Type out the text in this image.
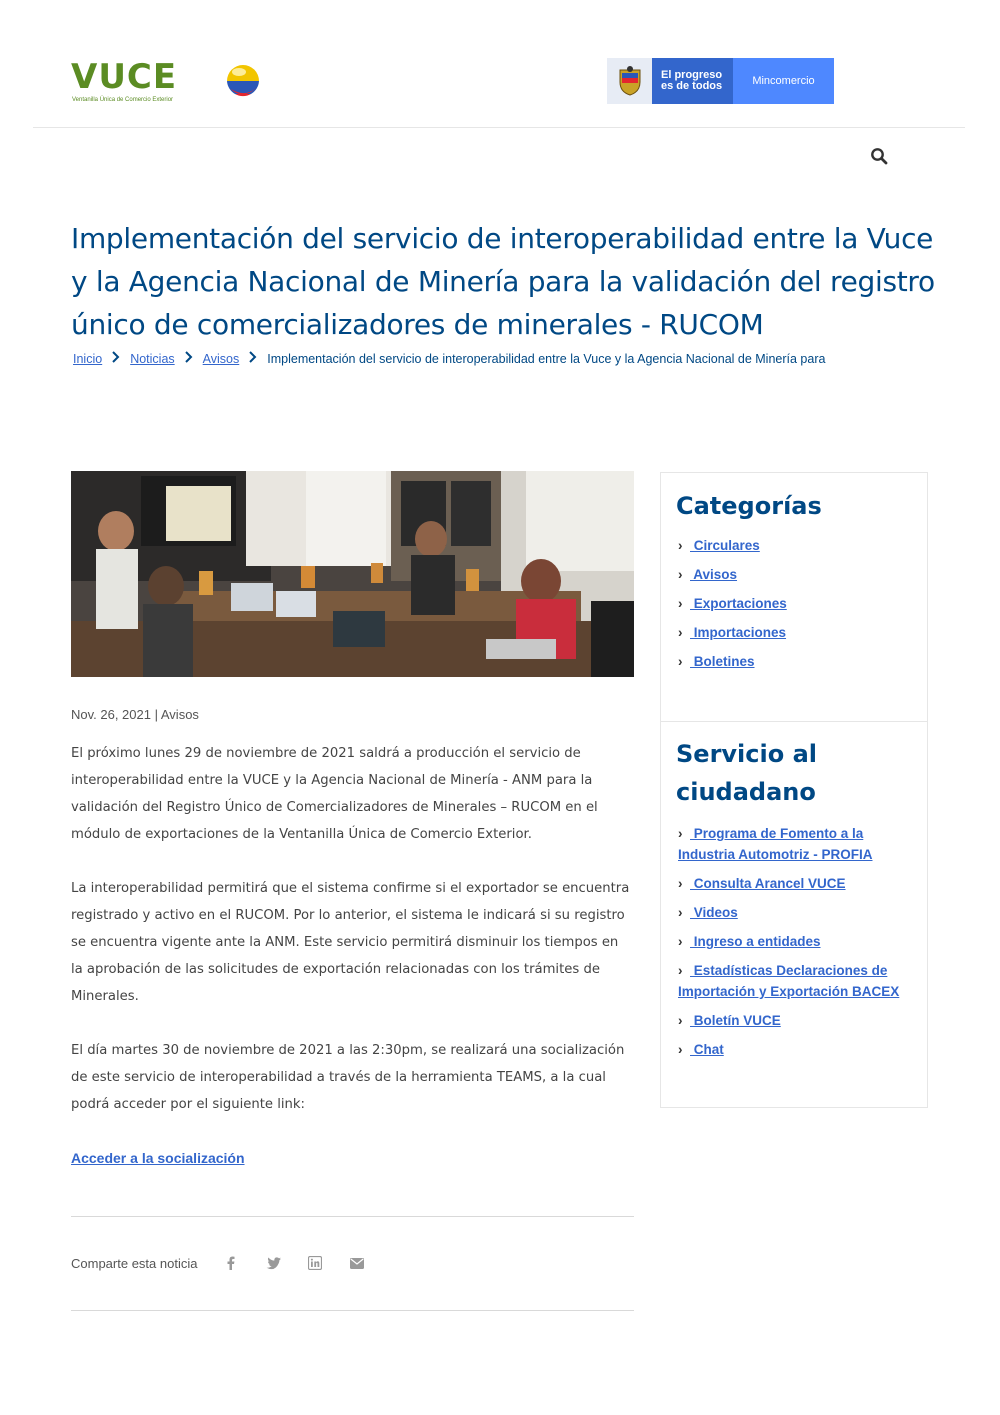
VUCE
Ventanilla Única de Comercio Exterior
El progreso
es de todos	Mincomercio
Implementación del servicio de interoperabilidad entre la Vuce y la Agencia Nacional de Minería para la validación del registro único de comercializadores de minerales - RUCOM
Inicio Noticias Avisos Implementación del servicio de interoperabilidad entre la Vuce y la Agencia Nacional de Minería para
Nov. 26, 2021 | Avisos

El próximo lunes 29 de noviembre de 2021 saldrá a producción el servicio de interoperabilidad entre la VUCE y la Agencia Nacional de Minería - ANM para la validación del Registro Único de Comercializadores de Minerales – RUCOM en el módulo de exportaciones de la Ventanilla Única de Comercio Exterior.

La interoperabilidad permitirá que el sistema confirme si el exportador se encuentra registrado y activo en el RUCOM. Por lo anterior, el sistema le indicará si su registro se encuentra vigente ante la ANM. Este servicio permitirá disminuir los tiempos en la aprobación de las solicitudes de exportación relacionadas con los trámites de Minerales.

El día martes 30 de noviembre de 2021 a las 2:30pm, se realizará una socialización de este servicio de interoperabilidad a través de la herramienta TEAMS, a la cual podrá acceder por el siguiente link:

Acceder a la socialización
Comparte esta noticia
Categorías
› Circulares
› Avisos
› Exportaciones
› Importaciones
› Boletines
Servicio al ciudadano
› Programa de Fomento a la Industria Automotriz - PROFIA
› Consulta Arancel VUCE
› Videos
› Ingreso a entidades
› Estadísticas Declaraciones de Importación y Exportación BACEX
› Boletín VUCE
› Chat
